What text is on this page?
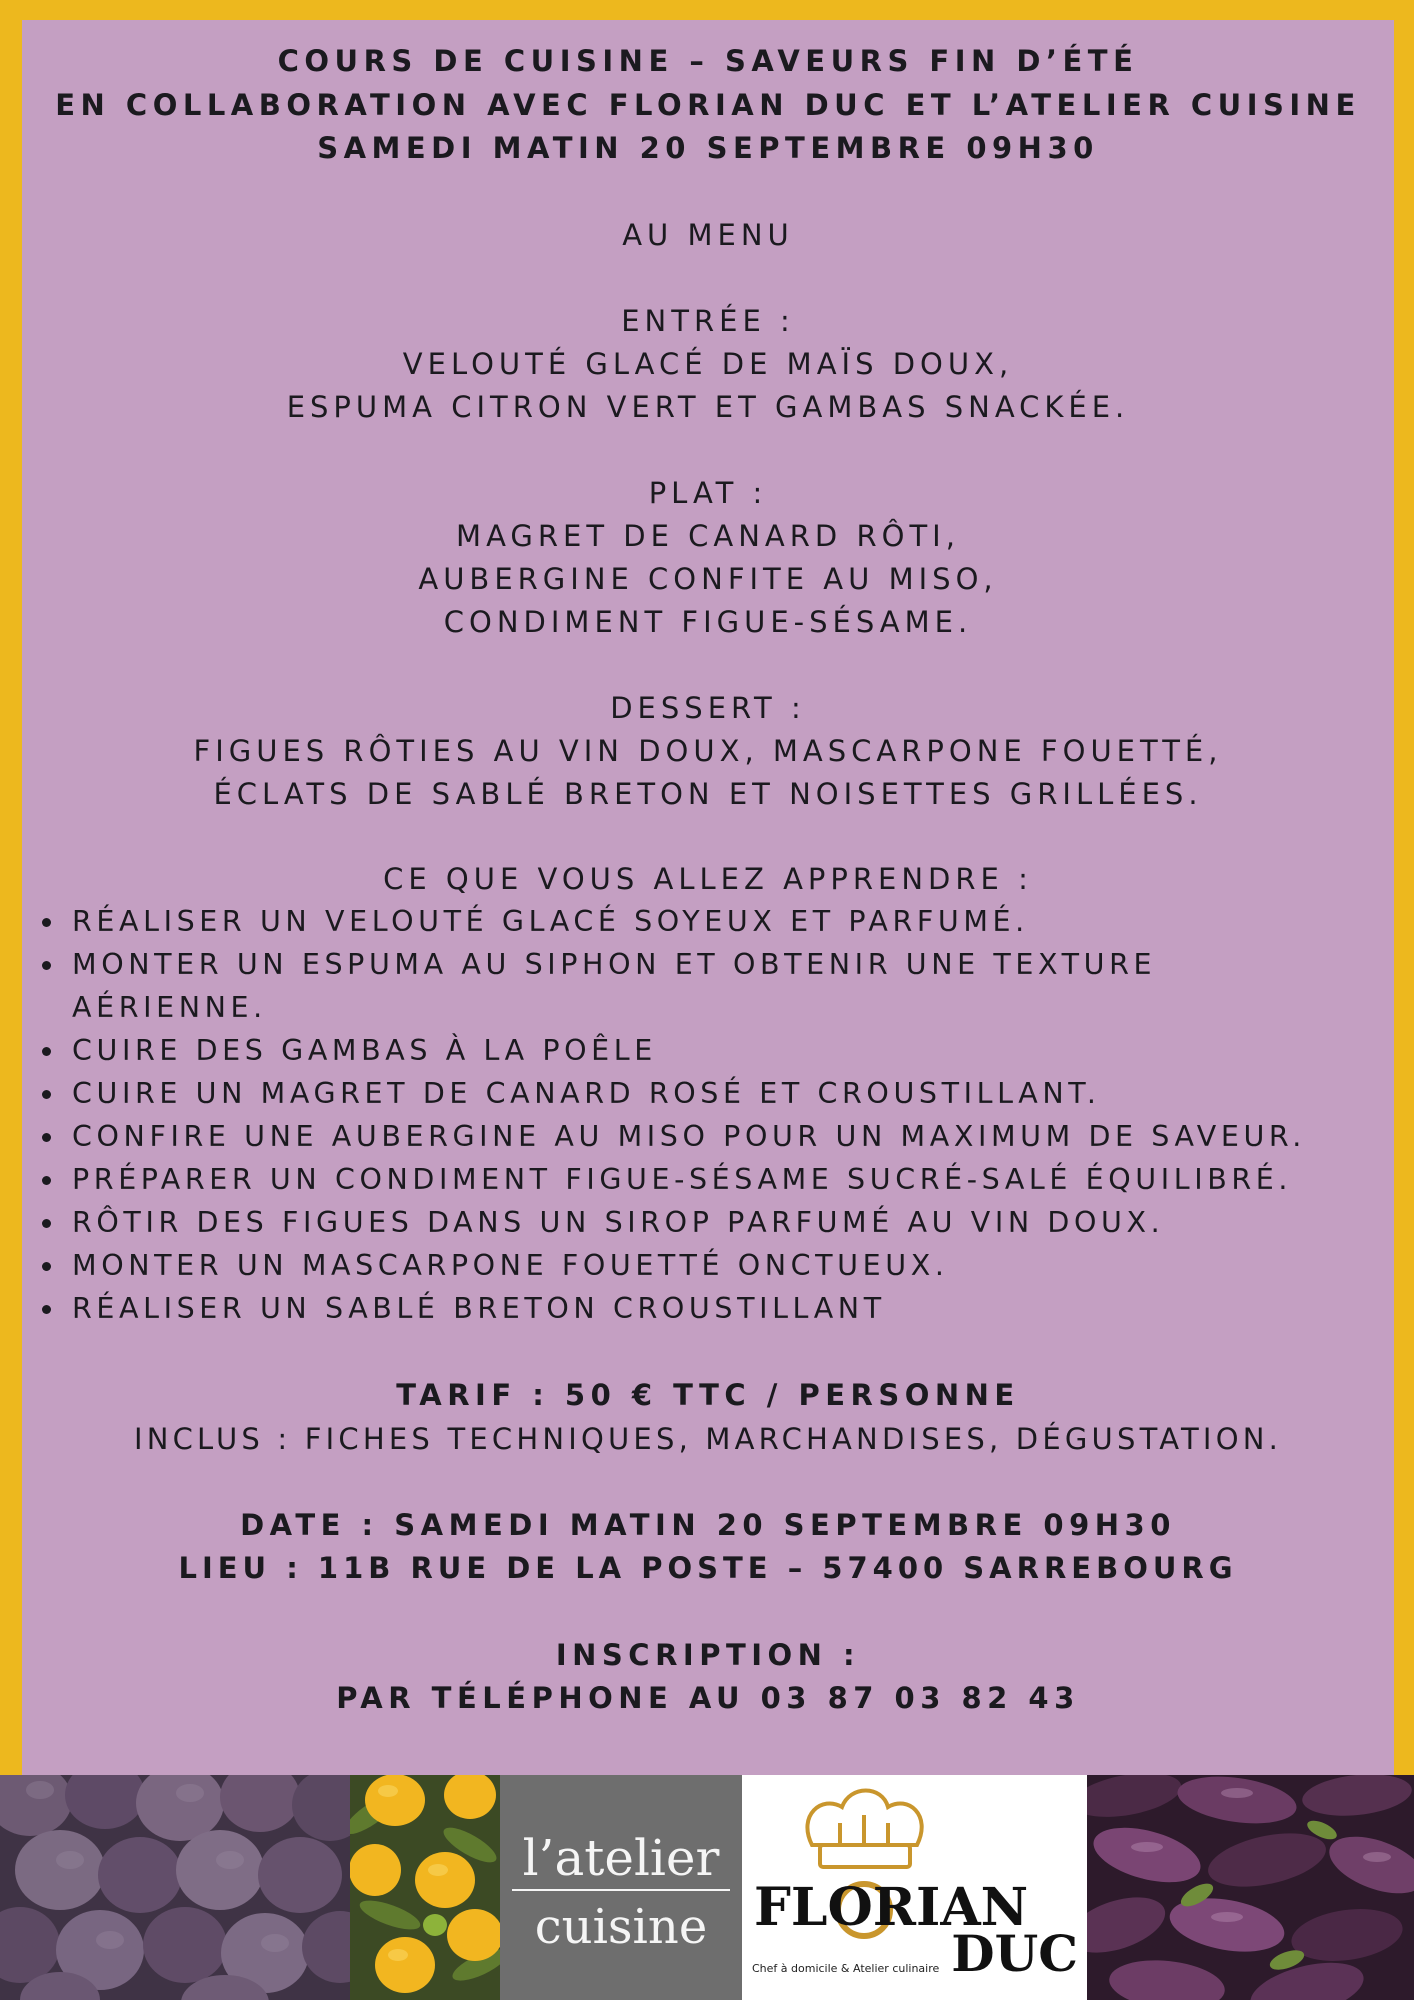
COURS DE CUISINE – SAVEURS FIN D’ÉTÉ
EN COLLABORATION AVEC FLORIAN DUC ET L’ATELIER CUISINE
SAMEDI MATIN 20 SEPTEMBRE 09H30
AU MENU
ENTRÉE :
VELOUTÉ GLACÉ DE MAÏS DOUX,
ESPUMA CITRON VERT ET GAMBAS SNACKÉE.
PLAT :
MAGRET DE CANARD RÔTI,
AUBERGINE CONFITE AU MISO,
CONDIMENT FIGUE-SÉSAME.
DESSERT :
FIGUES RÔTIES AU VIN DOUX, MASCARPONE FOUETTÉ,
ÉCLATS DE SABLÉ BRETON ET NOISETTES GRILLÉES.
CE QUE VOUS ALLEZ APPRENDRE :
RÉALISER UN VELOUTÉ GLACÉ SOYEUX ET PARFUMÉ.
MONTER UN ESPUMA AU SIPHON ET OBTENIR UNE TEXTURE
AÉRIENNE.
CUIRE DES GAMBAS À LA POÊLE
CUIRE UN MAGRET DE CANARD ROSÉ ET CROUSTILLANT.
CONFIRE UNE AUBERGINE AU MISO POUR UN MAXIMUM DE SAVEUR.
PRÉPARER UN CONDIMENT FIGUE-SÉSAME SUCRÉ-SALÉ ÉQUILIBRÉ.
RÔTIR DES FIGUES DANS UN SIROP PARFUMÉ AU VIN DOUX.
MONTER UN MASCARPONE FOUETTÉ ONCTUEUX.
RÉALISER UN SABLÉ BRETON CROUSTILLANT
TARIF : 50 € TTC / PERSONNE
INCLUS : FICHES TECHNIQUES, MARCHANDISES, DÉGUSTATION.
DATE : SAMEDI MATIN 20 SEPTEMBRE 09H30
LIEU : 11B RUE DE LA POSTE – 57400 SARREBOURG
INSCRIPTION :
PAR TÉLÉPHONE AU 03 87 03 82 43
l’atelier
cuisine FLORIAN
DUC
Chef à domicile & Atelier culinaire
